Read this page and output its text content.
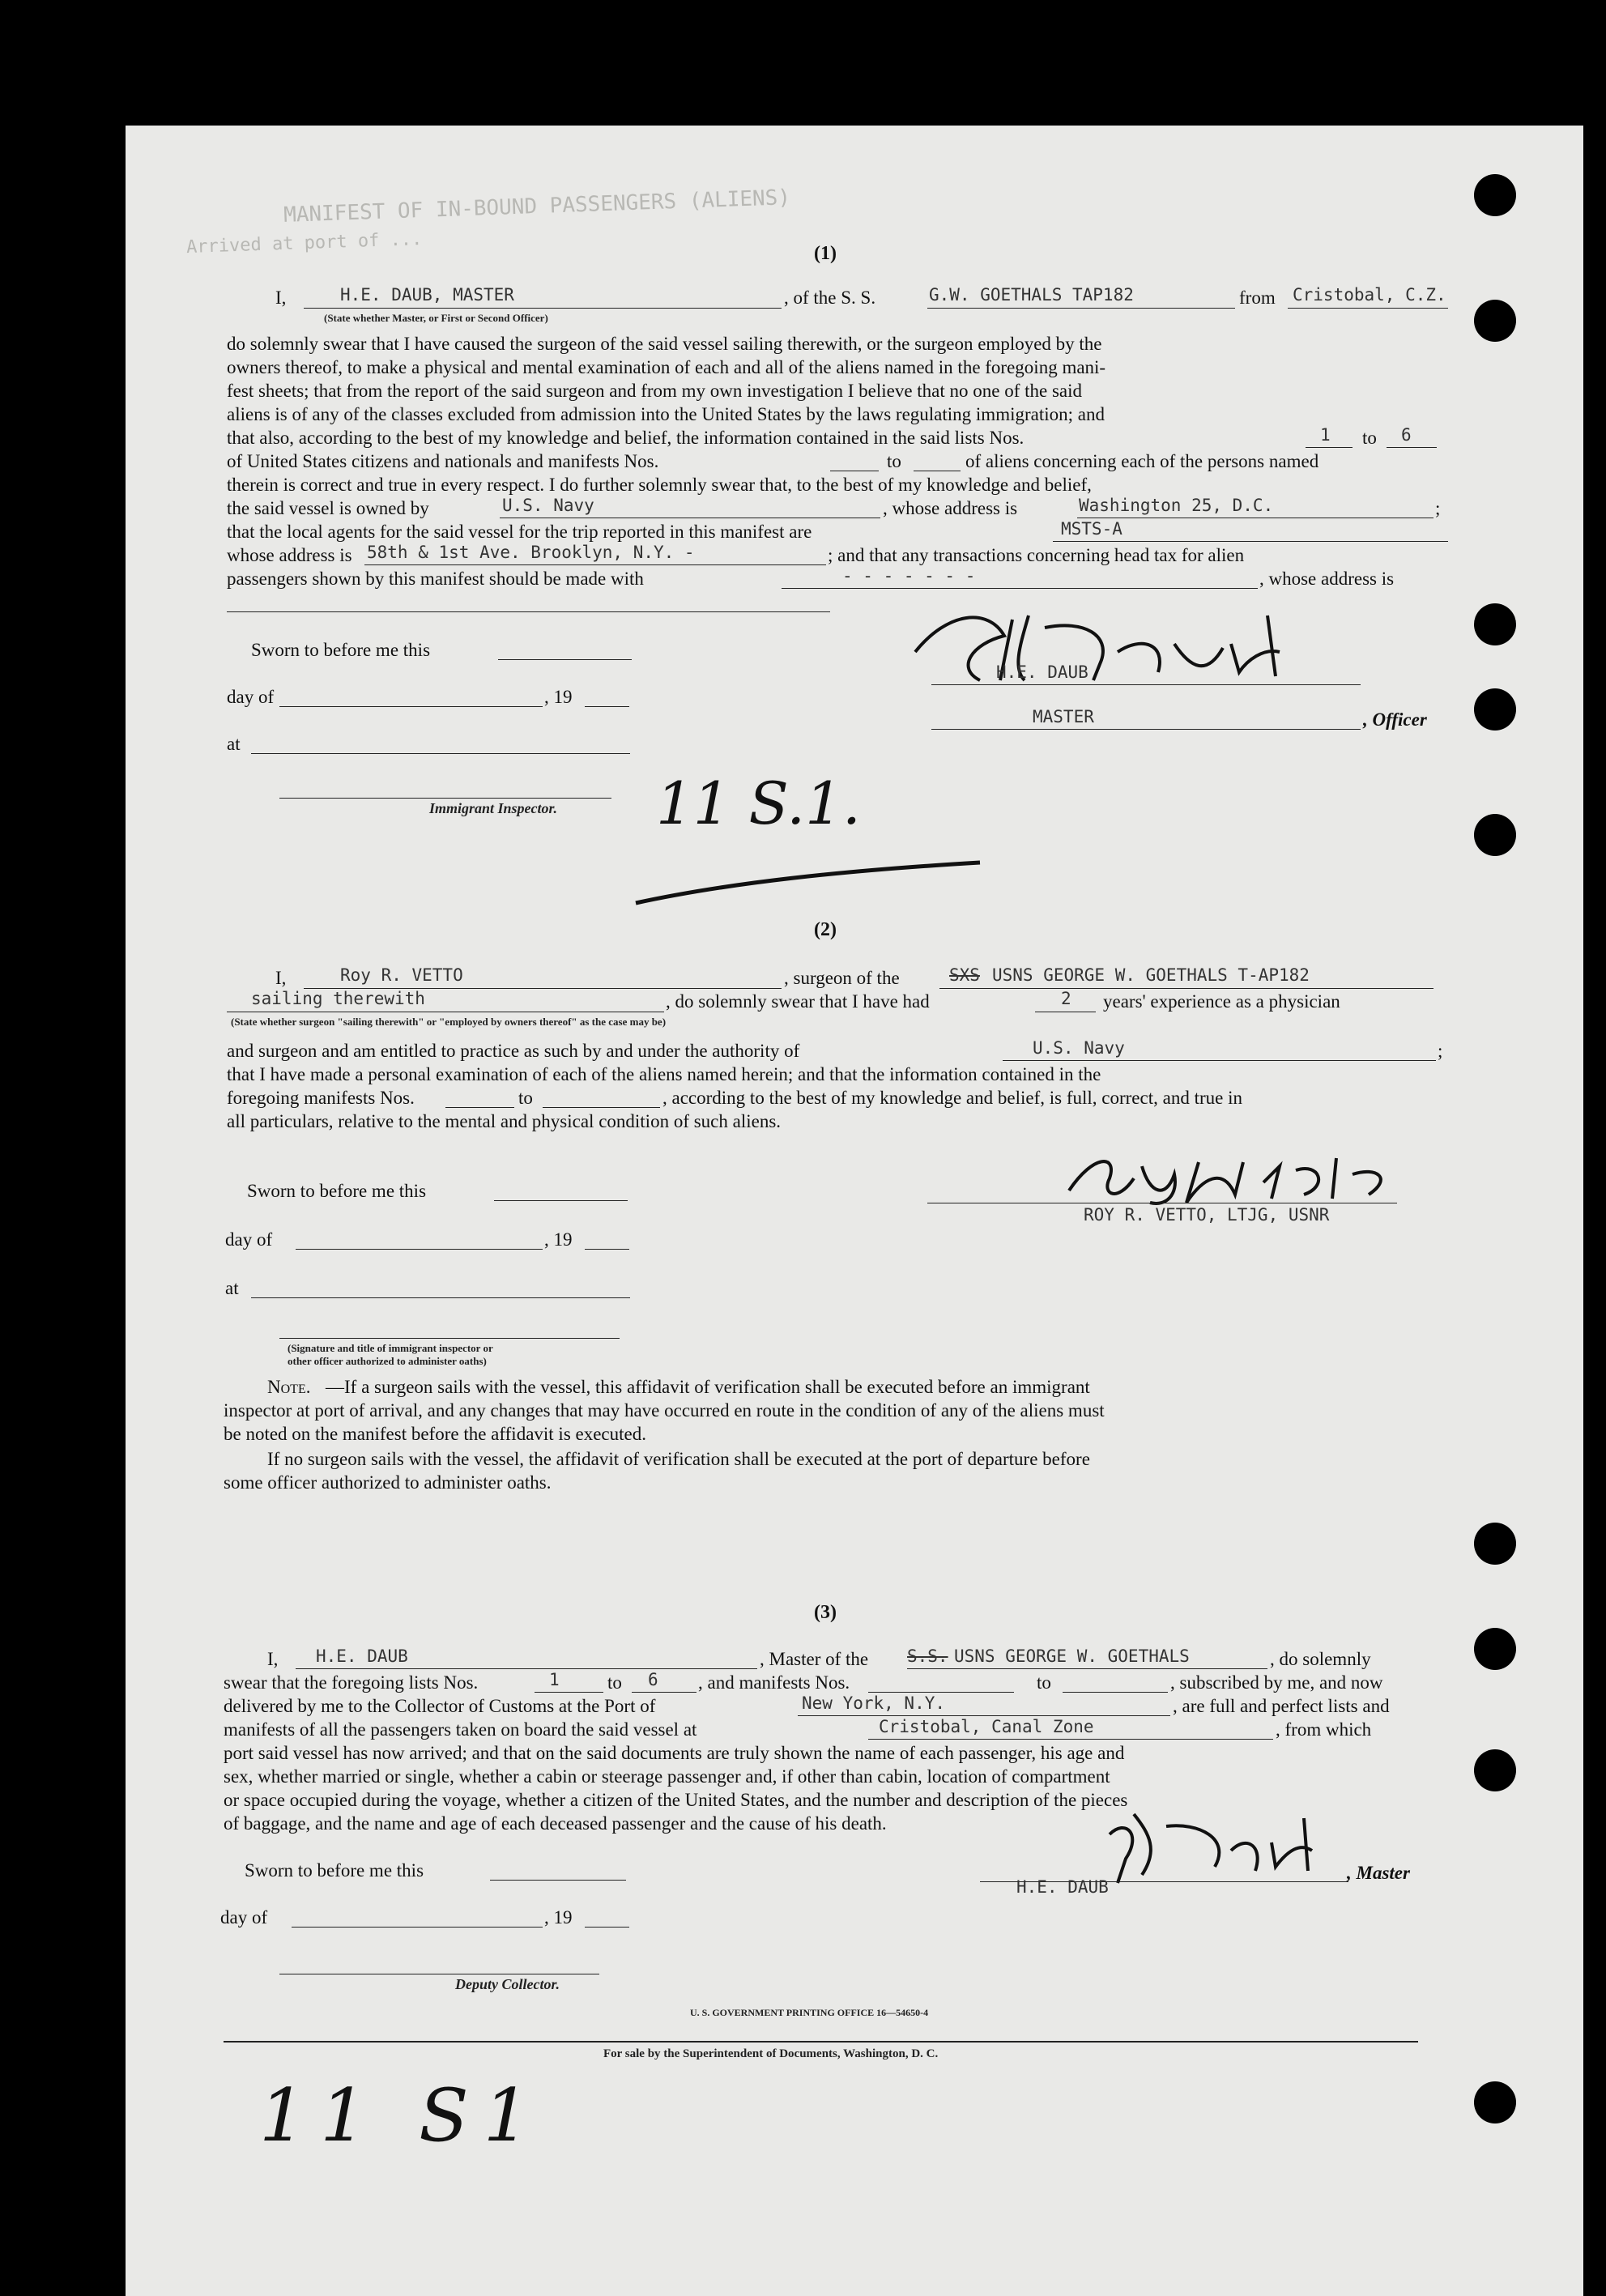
MANIFEST OF IN-BOUND PASSENGERS (ALIENS)
Arrived at port of ...	(1)
I,	H.E. DAUB, MASTER	, of the S. S.	G.W. GOETHALS TAP182	from Cristobal, C.Z.
(State whether Master, or First or Second Officer)
do solemnly swear that I have caused the surgeon of the said vessel sailing therewith, or the surgeon employed by the
owners thereof, to make a physical and mental examination of each and all of the aliens named in the foregoing mani-
fest sheets; that from the report of the said surgeon and from my own investigation I believe that no one of the said
aliens is of any of the classes excluded from admission into the United States by the laws regulating immigration; and
that also, according to the best of my knowledge and belief, the information contained in the said lists Nos.	1 to 6
of United States citizens and nationals and manifests Nos.	to	of aliens concerning each of the persons named
therein is correct and true in every respect. I do further solemnly swear that, to the best of my knowledge and belief,
the said vessel is owned by	U.S. Navy	, whose address is	Washington 25, D.C.	;
that the local agents for the said vessel for the trip reported in this manifest are	MSTS-A
whose address is 58th & 1st Ave. Brooklyn, N.Y. -	; and that any transactions concerning head tax for alien
passengers shown by this manifest should be made with	- - - - - - -	, whose address is
Sworn to before me this
day of	, 19
at
Immigrant Inspector.
H.E. DAUB
MASTER	, Officer
11 S.1.
(2)
I,	Roy R. VETTO	, surgeon of the	SXS USNS GEORGE W. GOETHALS T-AP182
sailing therewith	, do solemnly swear that I have had	2 years' experience as a physician
(State whether surgeon "sailing therewith" or "employed by owners thereof" as the case may be)
and surgeon and am entitled to practice as such by and under the authority of	U.S. Navy	;
that I have made a personal examination of each of the aliens named herein; and that the information contained in the
foregoing manifests Nos.	to	, according to the best of my knowledge and belief, is full, correct, and true in
all particulars, relative to the mental and physical condition of such aliens.
Sworn to before me this
day of	, 19
at
(Signature and title of immigrant inspector or
other officer authorized to administer oaths)
ROY R. VETTO, LTJG, USNR
Note. —If a surgeon sails with the vessel, this affidavit of verification shall be executed before an immigrant
inspector at port of arrival, and any changes that may have occurred en route in the condition of any of the aliens must
be noted on the manifest before the affidavit is executed.
If no surgeon sails with the vessel, the affidavit of verification shall be executed at the port of departure before
some officer authorized to administer oaths.
(3)
I, H.E. DAUB	, Master of the S.S. USNS GEORGE W. GOETHALS	, do solemnly
swear that the foregoing lists Nos.	1	to 6 , and manifests Nos.	to	, subscribed by me, and now
delivered by me to the Collector of Customs at the Port of	New York, N.Y.	, are full and perfect lists and
manifests of all the passengers taken on board the said vessel at	Cristobal, Canal Zone	, from which
port said vessel has now arrived; and that on the said documents are truly shown the name of each passenger, his age and
sex, whether married or single, whether a cabin or steerage passenger and, if other than cabin, location of compartment
or space occupied during the voyage, whether a citizen of the United States, and the number and description of the pieces
of baggage, and the name and age of each deceased passenger and the cause of his death.
Sworn to before me this
day of	, 19
Deputy Collector.
, Master
H.E. DAUB
U. S. GOVERNMENT PRINTING OFFICE 16—54650-4
For sale by the Superintendent of Documents, Washington, D. C.
11 S1
